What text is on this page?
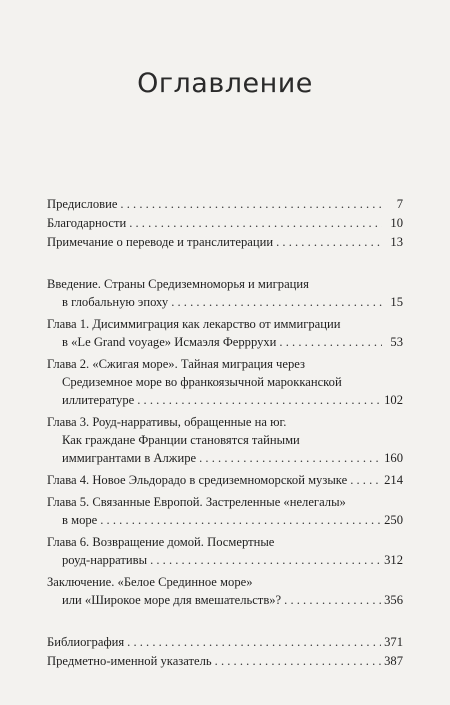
Оглавление
Предисловие . . .	7
Благодарности . . .	10
Примечание о переводе и транслитерации . . .	13
Введение. Страны Средиземноморья и миграция
в глобальную эпоху . . .	15
Глава 1. Дисиммиграция как лекарство от иммиграции
в «Le Grand voyage» Исмаэля Ферррухи . . .	53
Глава 2. «Сжигая море». Тайная миграция через
Средиземное море во франкоязычной марокканской
иллитературе . . .	102
Глава 3. Роуд-нарративы, обращенные на юг.
Как граждане Франции становятся тайными
иммигрантами в Алжире . . .	160
Глава 4. Новое Эльдорадо в средиземноморской музыке . . .	214
Глава 5. Связанные Европой. Застреленные «нелегалы»
в море . . .	250
Глава 6. Возвращение домой. Посмертные
роуд-нарративы . . .	312
Заключение. «Белое Срединное море»
или «Широкое море для вмешательств»? . . .	356
Библиография . . .	371
Предметно-именной указатель . . .	387
